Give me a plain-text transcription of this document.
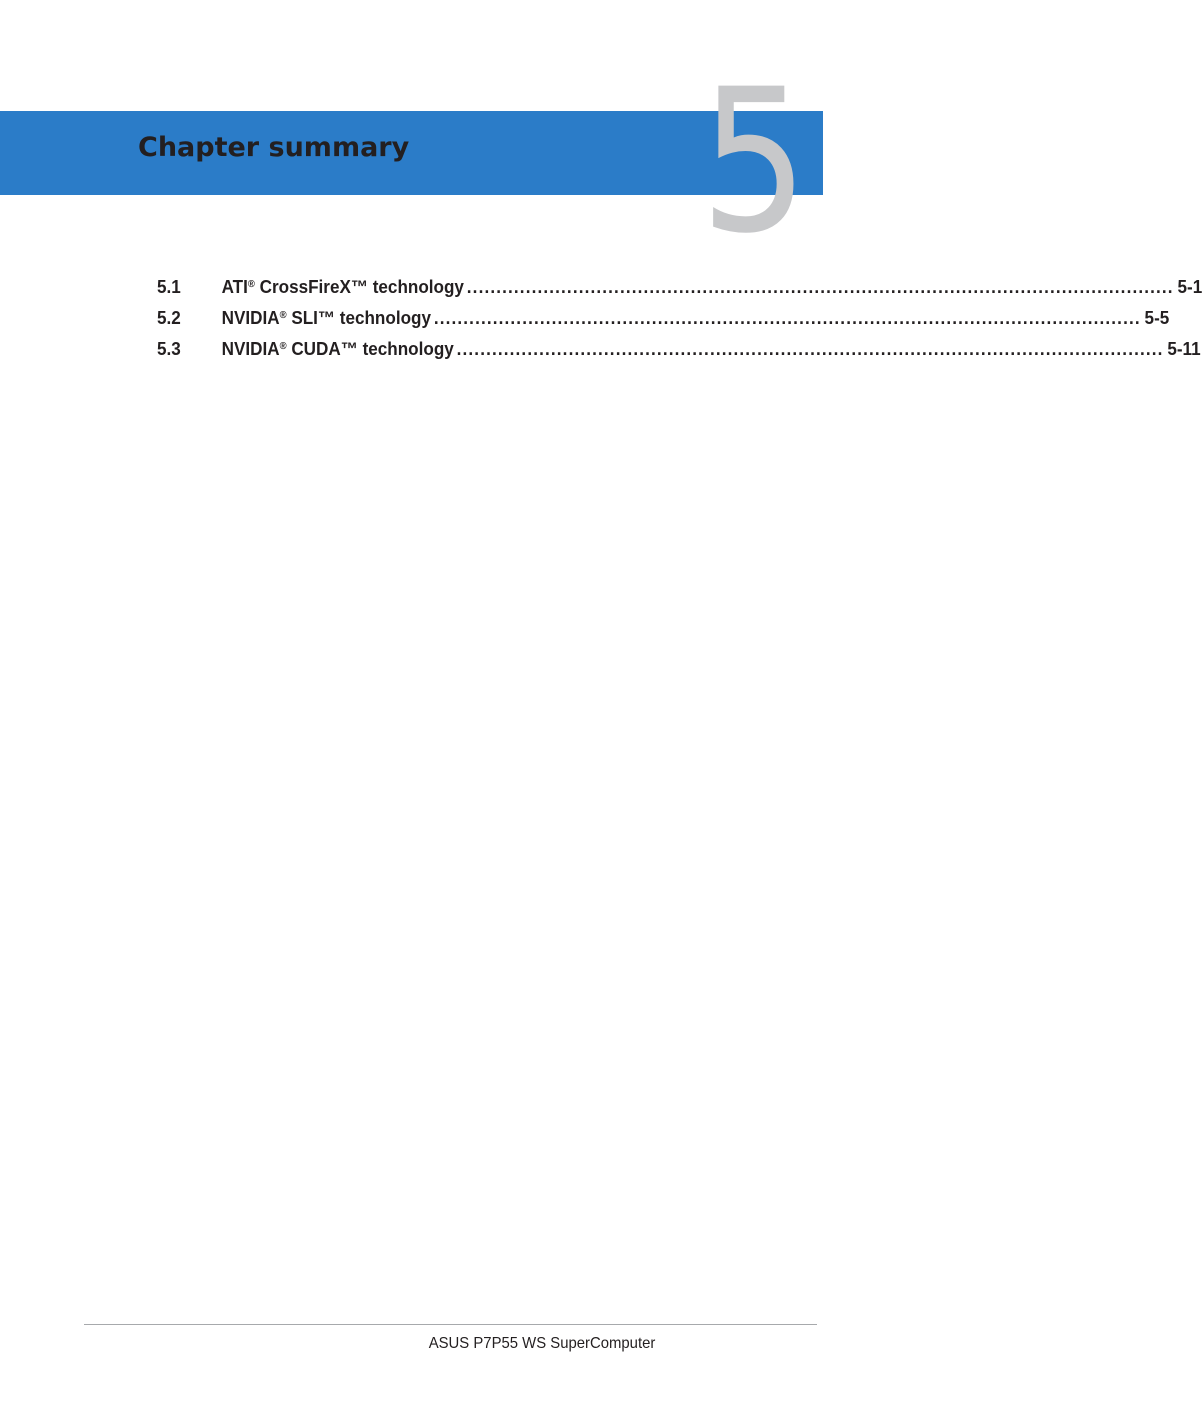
5
Chapter summary
5.1	ATI® CrossFireX™ technology ........................................................................................................................ 5-1
5.2	NVIDIA® SLI™ technology ........................................................................................................................ 5-5
5.3	NVIDIA® CUDA™ technology ........................................................................................................................ 5-11
ASUS P7P55 WS SuperComputer
